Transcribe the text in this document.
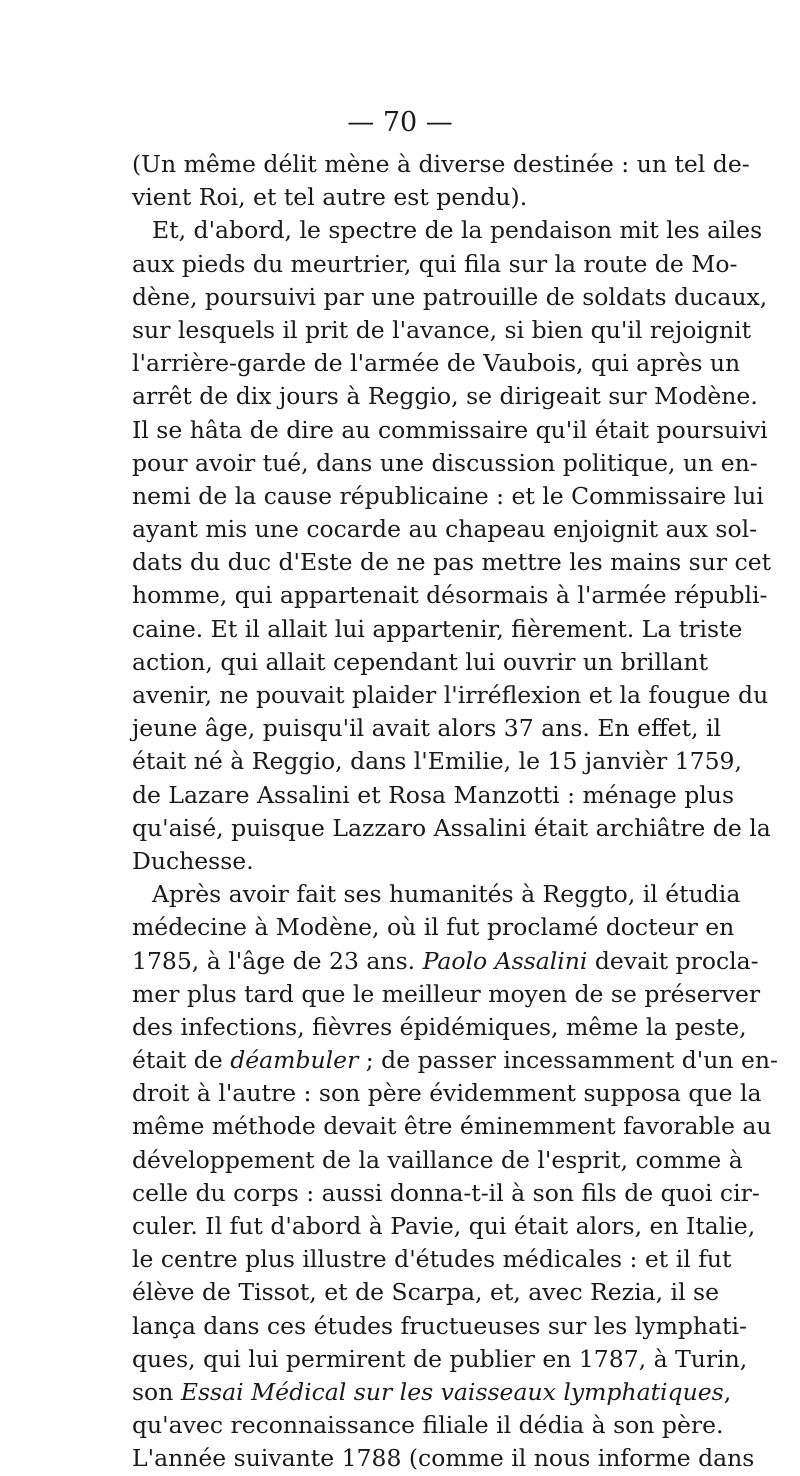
— 70 —
(Un même délit mène à diverse destinée : un tel de-
vient Roi, et tel autre est pendu).
Et, d'abord, le spectre de la pendaison mit les ailes
aux pieds du meurtrier, qui fila sur la route de Mo-
dène, poursuivi par une patrouille de soldats ducaux,
sur lesquels il prit de l'avance, si bien qu'il rejoignit
l'arrière-garde de l'armée de Vaubois, qui après un
arrêt de dix jours à Reggio, se dirigeait sur Modène.
Il se hâta de dire au commissaire qu'il était poursuivi
pour avoir tué, dans une discussion politique, un en-
nemi de la cause républicaine : et le Commissaire lui
ayant mis une cocarde au chapeau enjoignit aux sol-
dats du duc d'Este de ne pas mettre les mains sur cet
homme, qui appartenait désormais à l'armée républi-
caine. Et il allait lui appartenir, fièrement. La triste
action, qui allait cependant lui ouvrir un brillant
avenir, ne pouvait plaider l'irréflexion et la fougue du
jeune âge, puisqu'il avait alors 37 ans. En effet, il
était né à Reggio, dans l'Emilie, le 15 janvièr 1759,
de Lazare Assalini et Rosa Manzotti : ménage plus
qu'aisé, puisque Lazzaro Assalini était archiâtre de la
Duchesse.
Après avoir fait ses humanités à Reggto, il étudia
médecine à Modène, où il fut proclamé docteur en
1785, à l'âge de 23 ans. Paolo Assalini devait procla-
mer plus tard que le meilleur moyen de se préserver
des infections, fièvres épidémiques, même la peste,
était de déambuler ; de passer incessamment d'un en-
droit à l'autre : son père évidemment supposa que la
même méthode devait être éminemment favorable au
développement de la vaillance de l'esprit, comme à
celle du corps : aussi donna-t-il à son fils de quoi cir-
culer. Il fut d'abord à Pavie, qui était alors, en Italie,
le centre plus illustre d'études médicales : et il fut
élève de Tissot, et de Scarpa, et, avec Rezia, il se
lança dans ces études fructueuses sur les lymphati-
ques, qui lui permirent de publier en 1787, à Turin,
son Essai Médical sur les vaisseaux lymphatiques,
qu'avec reconnaissance filiale il dédia à son père.
L'année suivante 1788 (comme il nous informe dans
